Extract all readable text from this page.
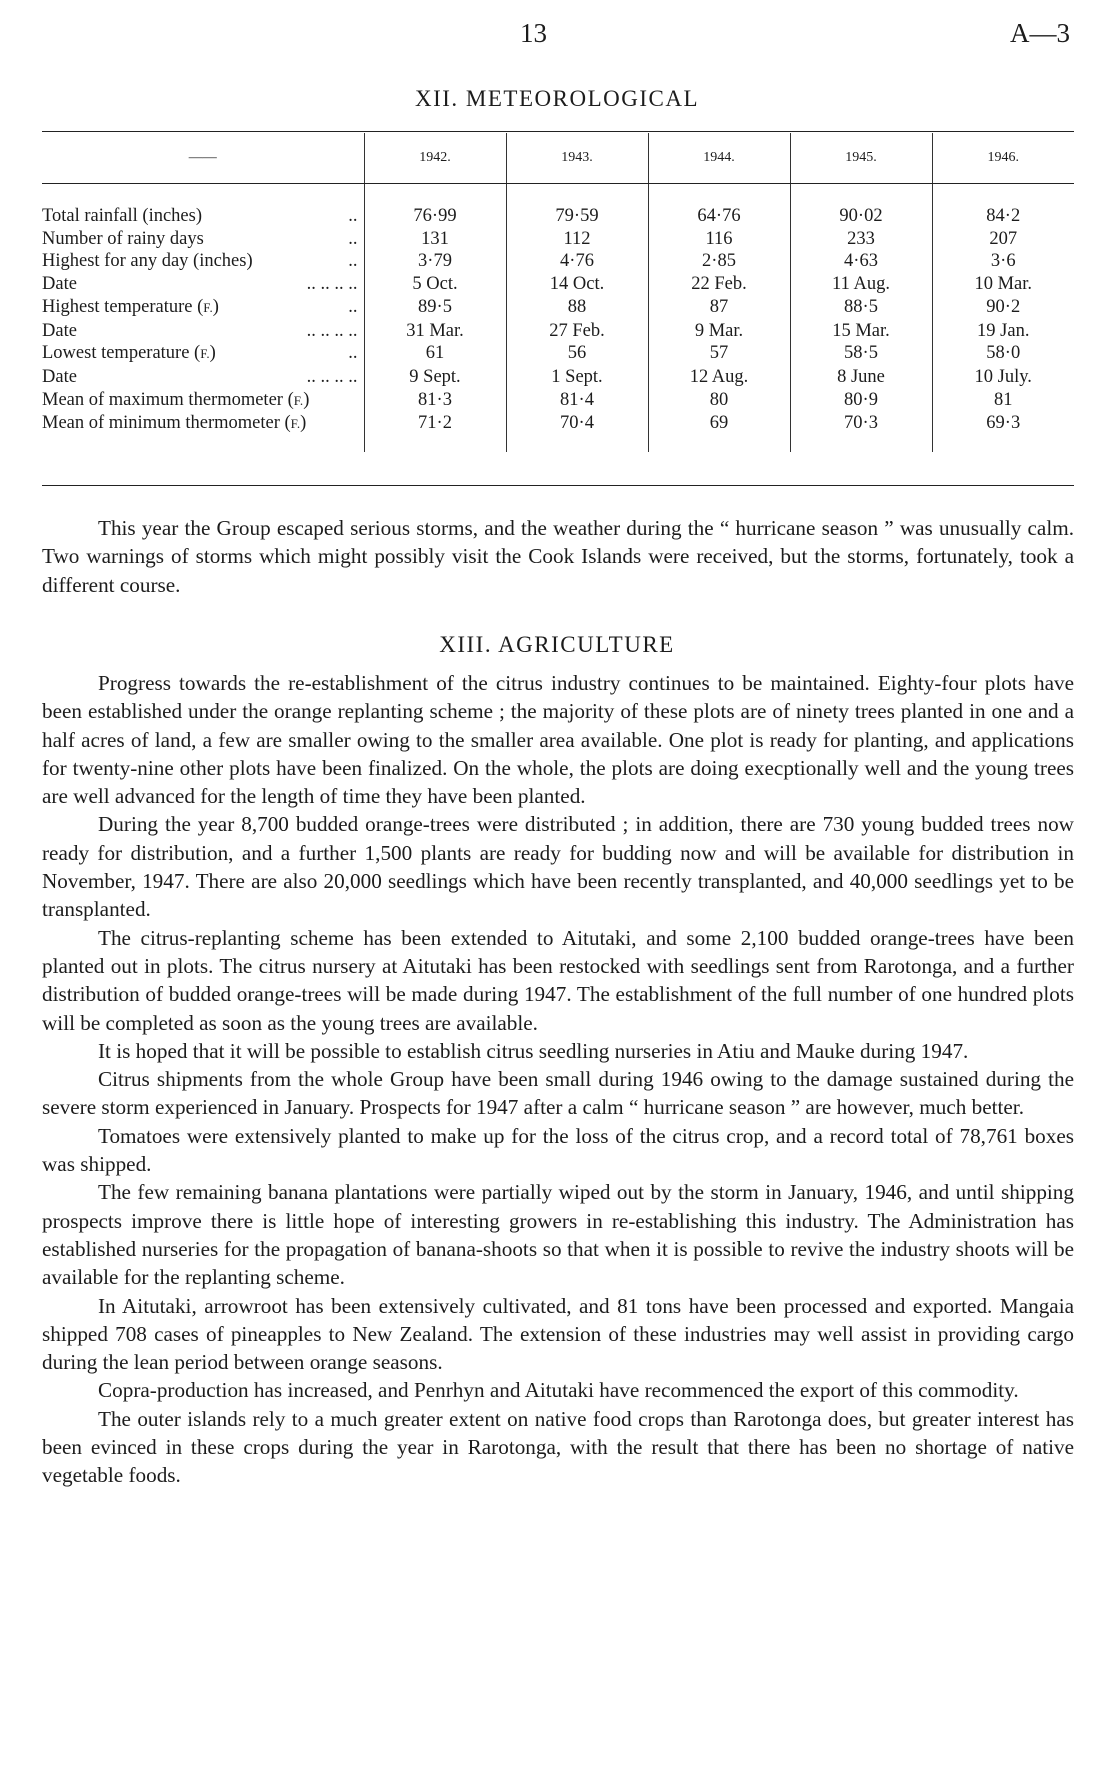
13	A—3
XII. METEOROLOGICAL
——	1942.	1943.	1944.	1945.	1946.

Total rainfall (inches) ..	76·99	79·59	64·76	90·02	84·2
Number of rainy days ..	131	112	116	233	207
Highest for any day (inches) ..	3·79	4·76	2·85	4·63	3·6
Date .. .. .. ..	5 Oct.	14 Oct.	22 Feb.	11 Aug.	10 Mar.
Highest temperature (F.) ..	89·5	88	87	88·5	90·2
Date .. .. .. ..	31 Mar.	27 Feb.	9 Mar.	15 Mar.	19 Jan.
Lowest temperature (F.) ..	61	56	57	58·5	58·0
Date .. .. .. ..	9 Sept.	1 Sept.	12 Aug.	8 June	10 July.
Mean of maximum thermometer (F.)	81·3	81·4	80	80·9	81
Mean of minimum thermometer (F.)	71·2	70·4	69	70·3	69·3

This year the Group escaped serious storms, and the weather during the “ hurricane season ” was unusually calm. Two warnings of storms which might possibly visit the Cook Islands were received, but the storms, fortunately, took a different course.

XIII. AGRICULTURE

Progress towards the re-establishment of the citrus industry continues to be maintained. Eighty-four plots have been established under the orange replanting scheme ; the majority of these plots are of ninety trees planted in one and a half acres of land, a few are smaller owing to the smaller area available. One plot is ready for planting, and applications for twenty-nine other plots have been finalized. On the whole, the plots are doing execptionally well and the young trees are well advanced for the length of time they have been planted.

During the year 8,700 budded orange-trees were distributed ; in addition, there are 730 young budded trees now ready for distribution, and a further 1,500 plants are ready for budding now and will be available for distribution in November, 1947. There are also 20,000 seedlings which have been recently transplanted, and 40,000 seedlings yet to be transplanted.

The citrus-replanting scheme has been extended to Aitutaki, and some 2,100 budded orange-trees have been planted out in plots. The citrus nursery at Aitutaki has been restocked with seedlings sent from Rarotonga, and a further distribution of budded orange-trees will be made during 1947. The establishment of the full number of one hundred plots will be completed as soon as the young trees are available.

It is hoped that it will be possible to establish citrus seedling nurseries in Atiu and Mauke during 1947.

Citrus shipments from the whole Group have been small during 1946 owing to the damage sustained during the severe storm experienced in January. Prospects for 1947 after a calm “ hurricane season ” are however, much better.

Tomatoes were extensively planted to make up for the loss of the citrus crop, and a record total of 78,761 boxes was shipped.

The few remaining banana plantations were partially wiped out by the storm in January, 1946, and until shipping prospects improve there is little hope of interesting growers in re-establishing this industry. The Administration has established nurseries for the propagation of banana-shoots so that when it is possible to revive the industry shoots will be available for the replanting scheme.

In Aitutaki, arrowroot has been extensively cultivated, and 81 tons have been processed and exported. Mangaia shipped 708 cases of pineapples to New Zealand. The extension of these industries may well assist in providing cargo during the lean period between orange seasons.

Copra-production has increased, and Penrhyn and Aitutaki have recommenced the export of this commodity.

The outer islands rely to a much greater extent on native food crops than Rarotonga does, but greater interest has been evinced in these crops during the year in Rarotonga, with the result that there has been no shortage of native vegetable foods.
